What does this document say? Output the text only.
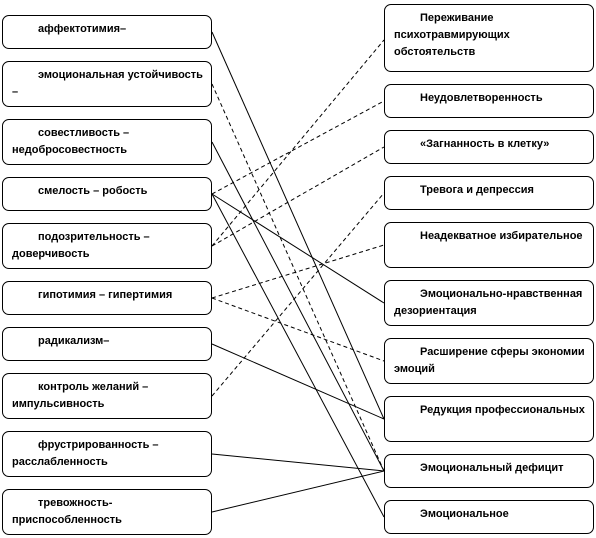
аффектотимия–
эмоциональная устойчивость –
совестливость – недобросовестность
смелость – робость
подозрительность – доверчивость
гипотимия – гипертимия
радикализм–
контроль желаний – импульсивность
фрустрированность – расслабленность
тревожность-приспособленность
Переживание психотравмирующих обстоятельств
Неудовлетворенность
«Загнанность в клетку»
Тревога и депрессия
Неадекватное избирательное
Эмоционально-нравственная дезориентация
Расширение сферы экономии эмоций
Редукция профессиональных
Эмоциональный дефицит
Эмоциональное
